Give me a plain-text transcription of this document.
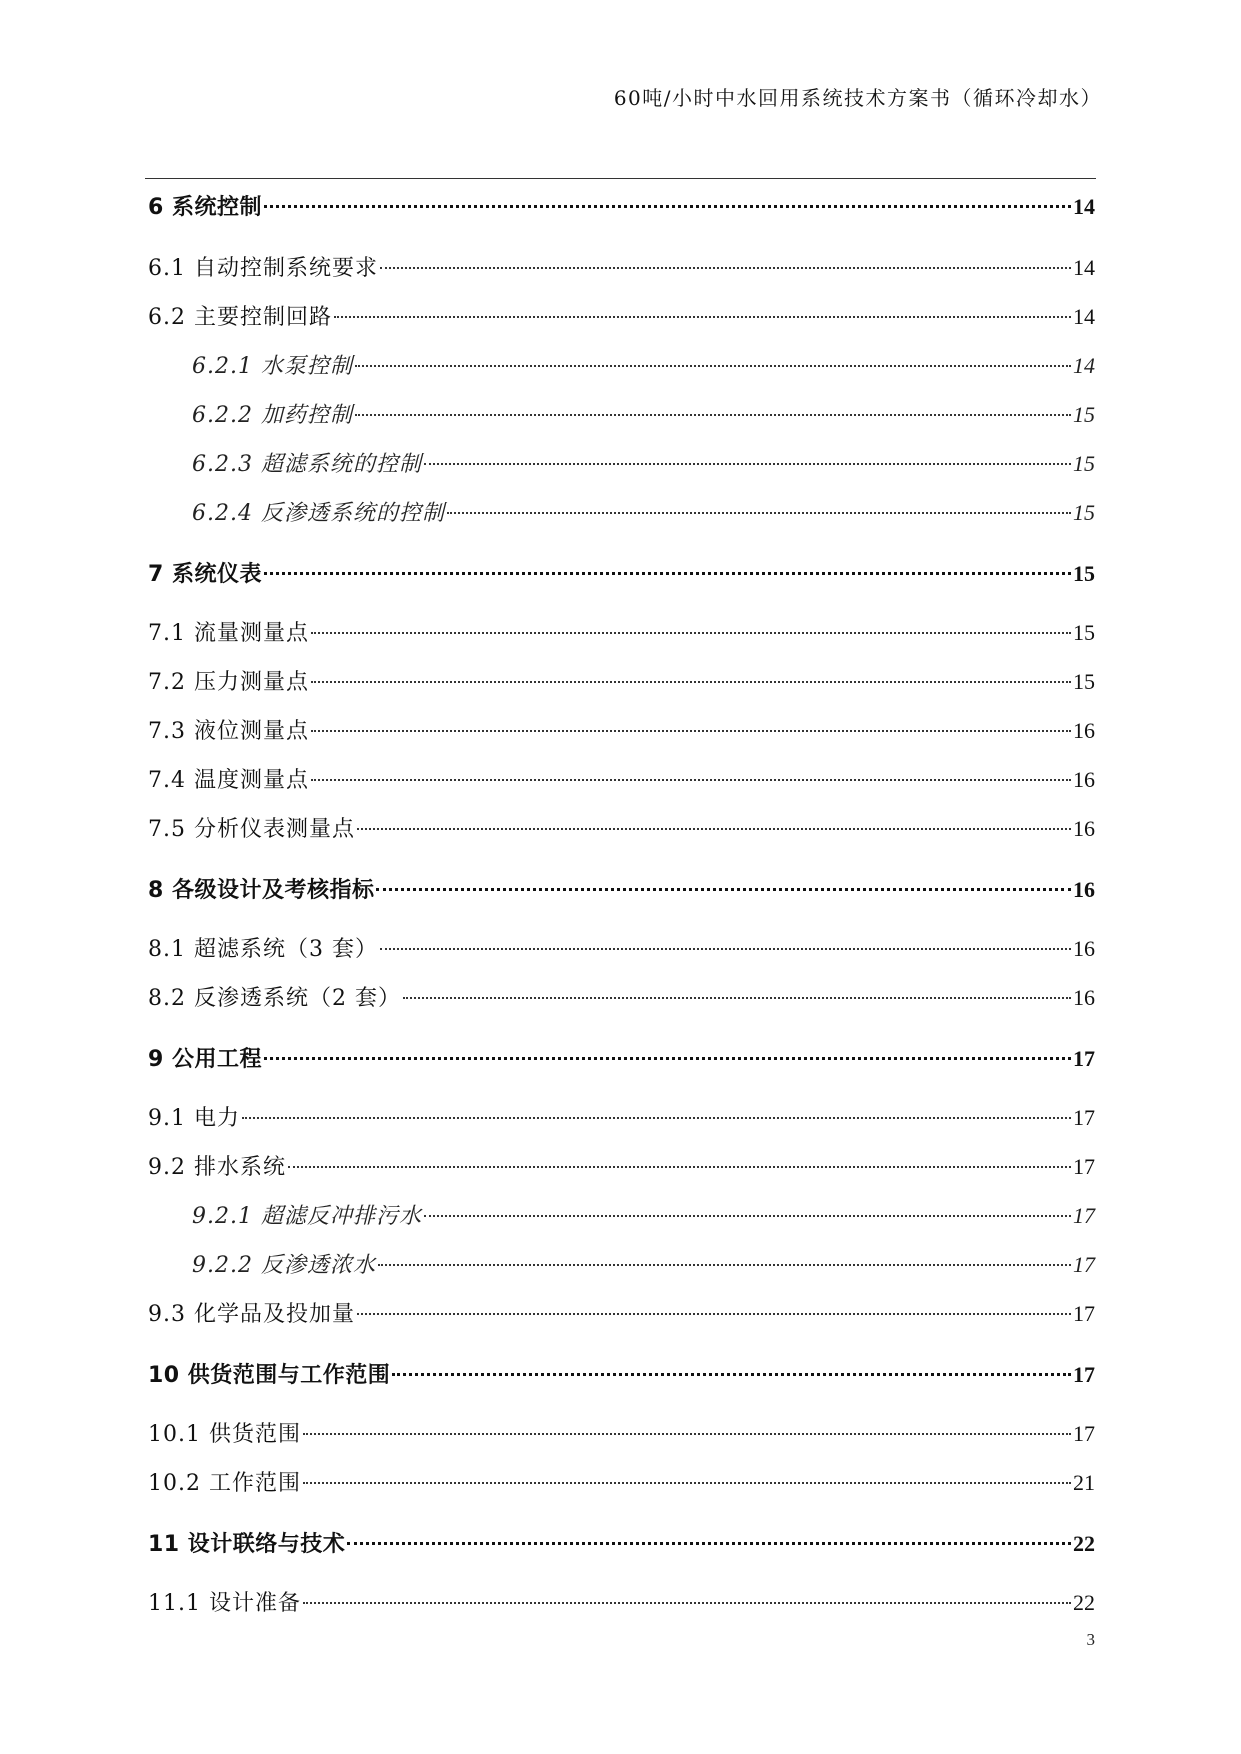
60吨/小时中水回用系统技术方案书（循环冷却水）
6 系统控制	14
6.1 自动控制系统要求	14
6.2 主要控制回路	14
6.2.1 水泵控制	14
6.2.2 加药控制	15
6.2.3 超滤系统的控制	15
6.2.4 反渗透系统的控制	15
7 系统仪表	15
7.1 流量测量点	15
7.2 压力测量点	15
7.3 液位测量点	16
7.4 温度测量点	16
7.5 分析仪表测量点	16
8 各级设计及考核指标	16
8.1 超滤系统（3 套）	16
8.2 反渗透系统（2 套）	16
9 公用工程	17
9.1 电力	17
9.2 排水系统	17
9.2.1 超滤反冲排污水	17
9.2.2 反渗透浓水	17
9.3 化学品及投加量	17
10 供货范围与工作范围	17
10.1 供货范围	17
10.2 工作范围	21
11 设计联络与技术	22
11.1 设计准备	22
3
